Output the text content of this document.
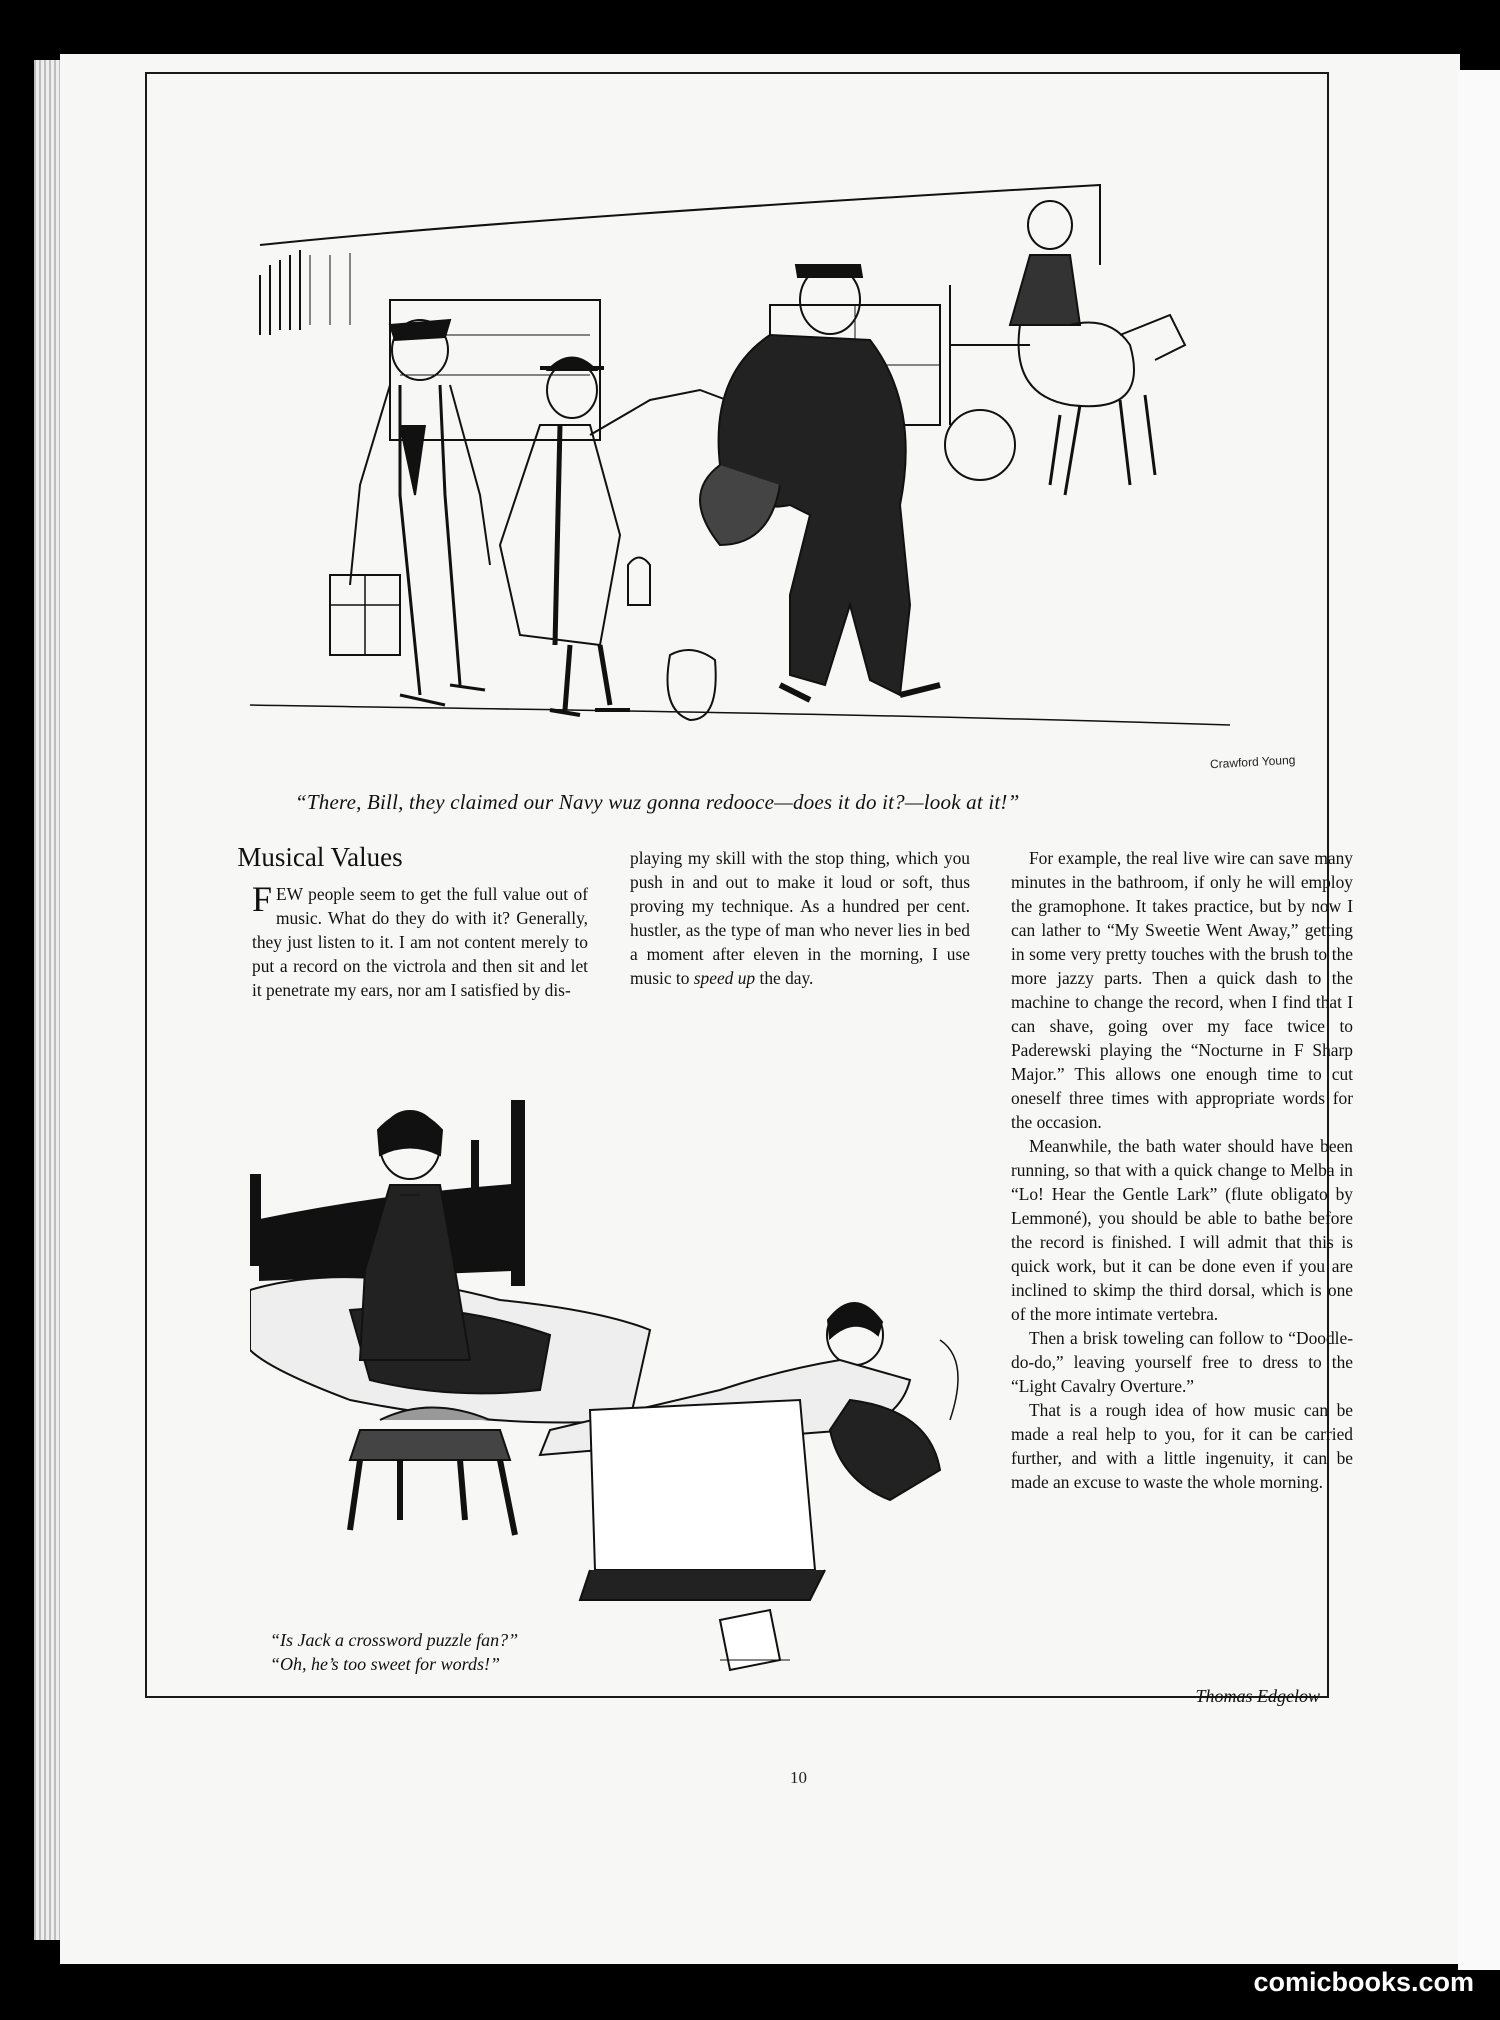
Crawford Young
“There, Bill, they claimed our Navy wuz gonna redooce—does it do it?—look at it!”
Musical Values

FEW people seem to get the full value out of music. What do they do with it? Generally, they just listen to it. I am not content merely to put a record on the victrola and then sit and let it penetrate my ears, nor am I satisfied by dis-

playing my skill with the stop thing, which you push in and out to make it loud or soft, thus proving my technique. As a hundred per cent. hustler, as the type of man who never lies in bed a moment after eleven in the morning, I use music to speed up the day.

For example, the real live wire can save many minutes in the bathroom, if only he will employ the gramophone. It takes practice, but by now I can lather to “My Sweetie Went Away,” getting in some very pretty touches with the brush to the more jazzy parts. Then a quick dash to the machine to change the record, when I find that I can shave, going over my face twice to Paderewski playing the “Nocturne in F Sharp Major.” This allows one enough time to cut oneself three times with appropriate words for the occasion.

Meanwhile, the bath water should have been running, so that with a quick change to Melba in “Lo! Hear the Gentle Lark” (flute obligato by Lemmoné), you should be able to bathe before the record is finished. I will admit that this is quick work, but it can be done even if you are inclined to skimp the third dorsal, which is one of the more intimate vertebra.

Then a brisk toweling can follow to “Doodle-do-do,” leaving yourself free to dress to the “Light Cavalry Overture.”

That is a rough idea of how music can be made a real help to you, for it can be carried further, and with a little ingenuity, it can be made an excuse to waste the whole morning.

Thomas Edgelow
“Is Jack a crossword puzzle fan?”
“Oh, he’s too sweet for words!”
10
comicbooks.com
